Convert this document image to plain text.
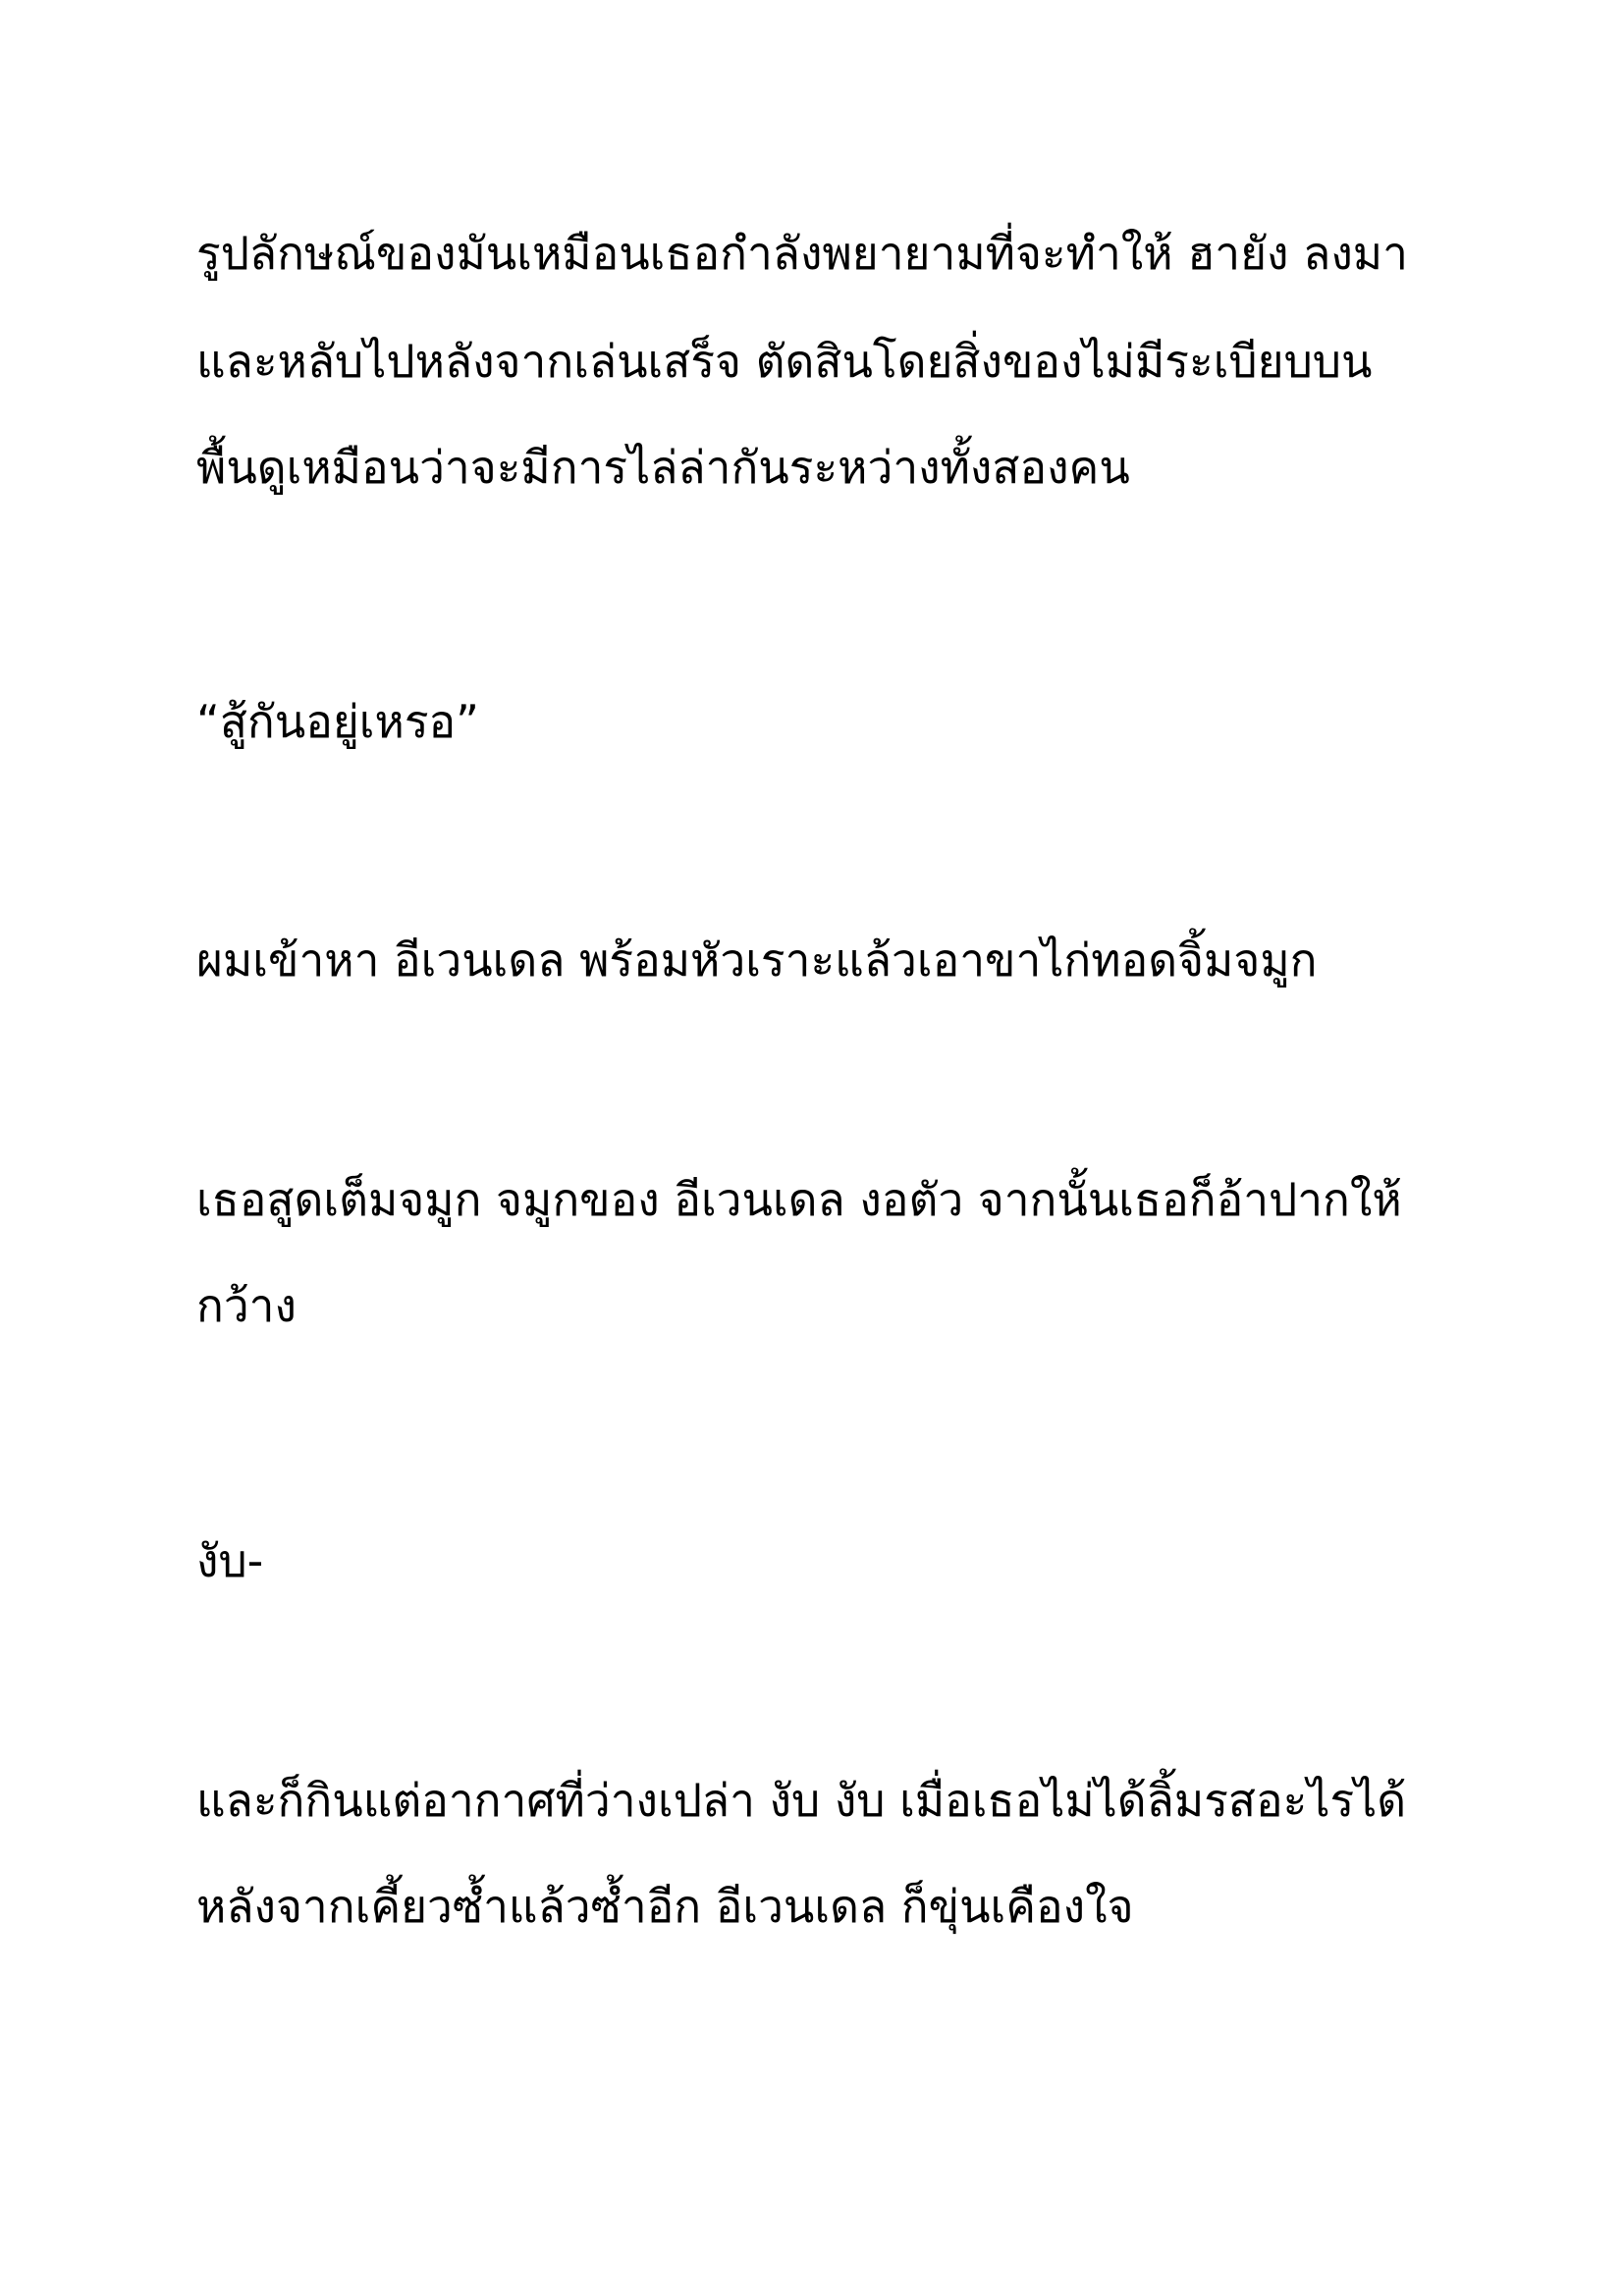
รูปลักษณ์ของมันเหมือนเธอกำลังพยายามที่จะทำให้ ฮายัง ลงมา

และหลับไปหลังจากเล่นเสร็จ ตัดสินโดยสิ่งของไม่มีระเบียบบน

พื้นดูเหมือนว่าจะมีการไล่ล่ากันระหว่างทั้งสองคน

“สู้กันอยู่เหรอ”

ผมเข้าหา อีเวนเดล พร้อมหัวเราะแล้วเอาขาไก่ทอดจิ้มจมูก

เธอสูดเต็มจมูก จมูกของ อีเวนเดล งอตัว จากนั้นเธอก็อ้าปากให้

กว้าง

งับ-

และก็กินแต่อากาศที่ว่างเปล่า งับ งับ เมื่อเธอไม่ได้ลิ้มรสอะไรได้

หลังจากเคี้ยวซ้ำแล้วซ้ำอีก อีเวนเดล ก็ขุ่นเคืองใจ
